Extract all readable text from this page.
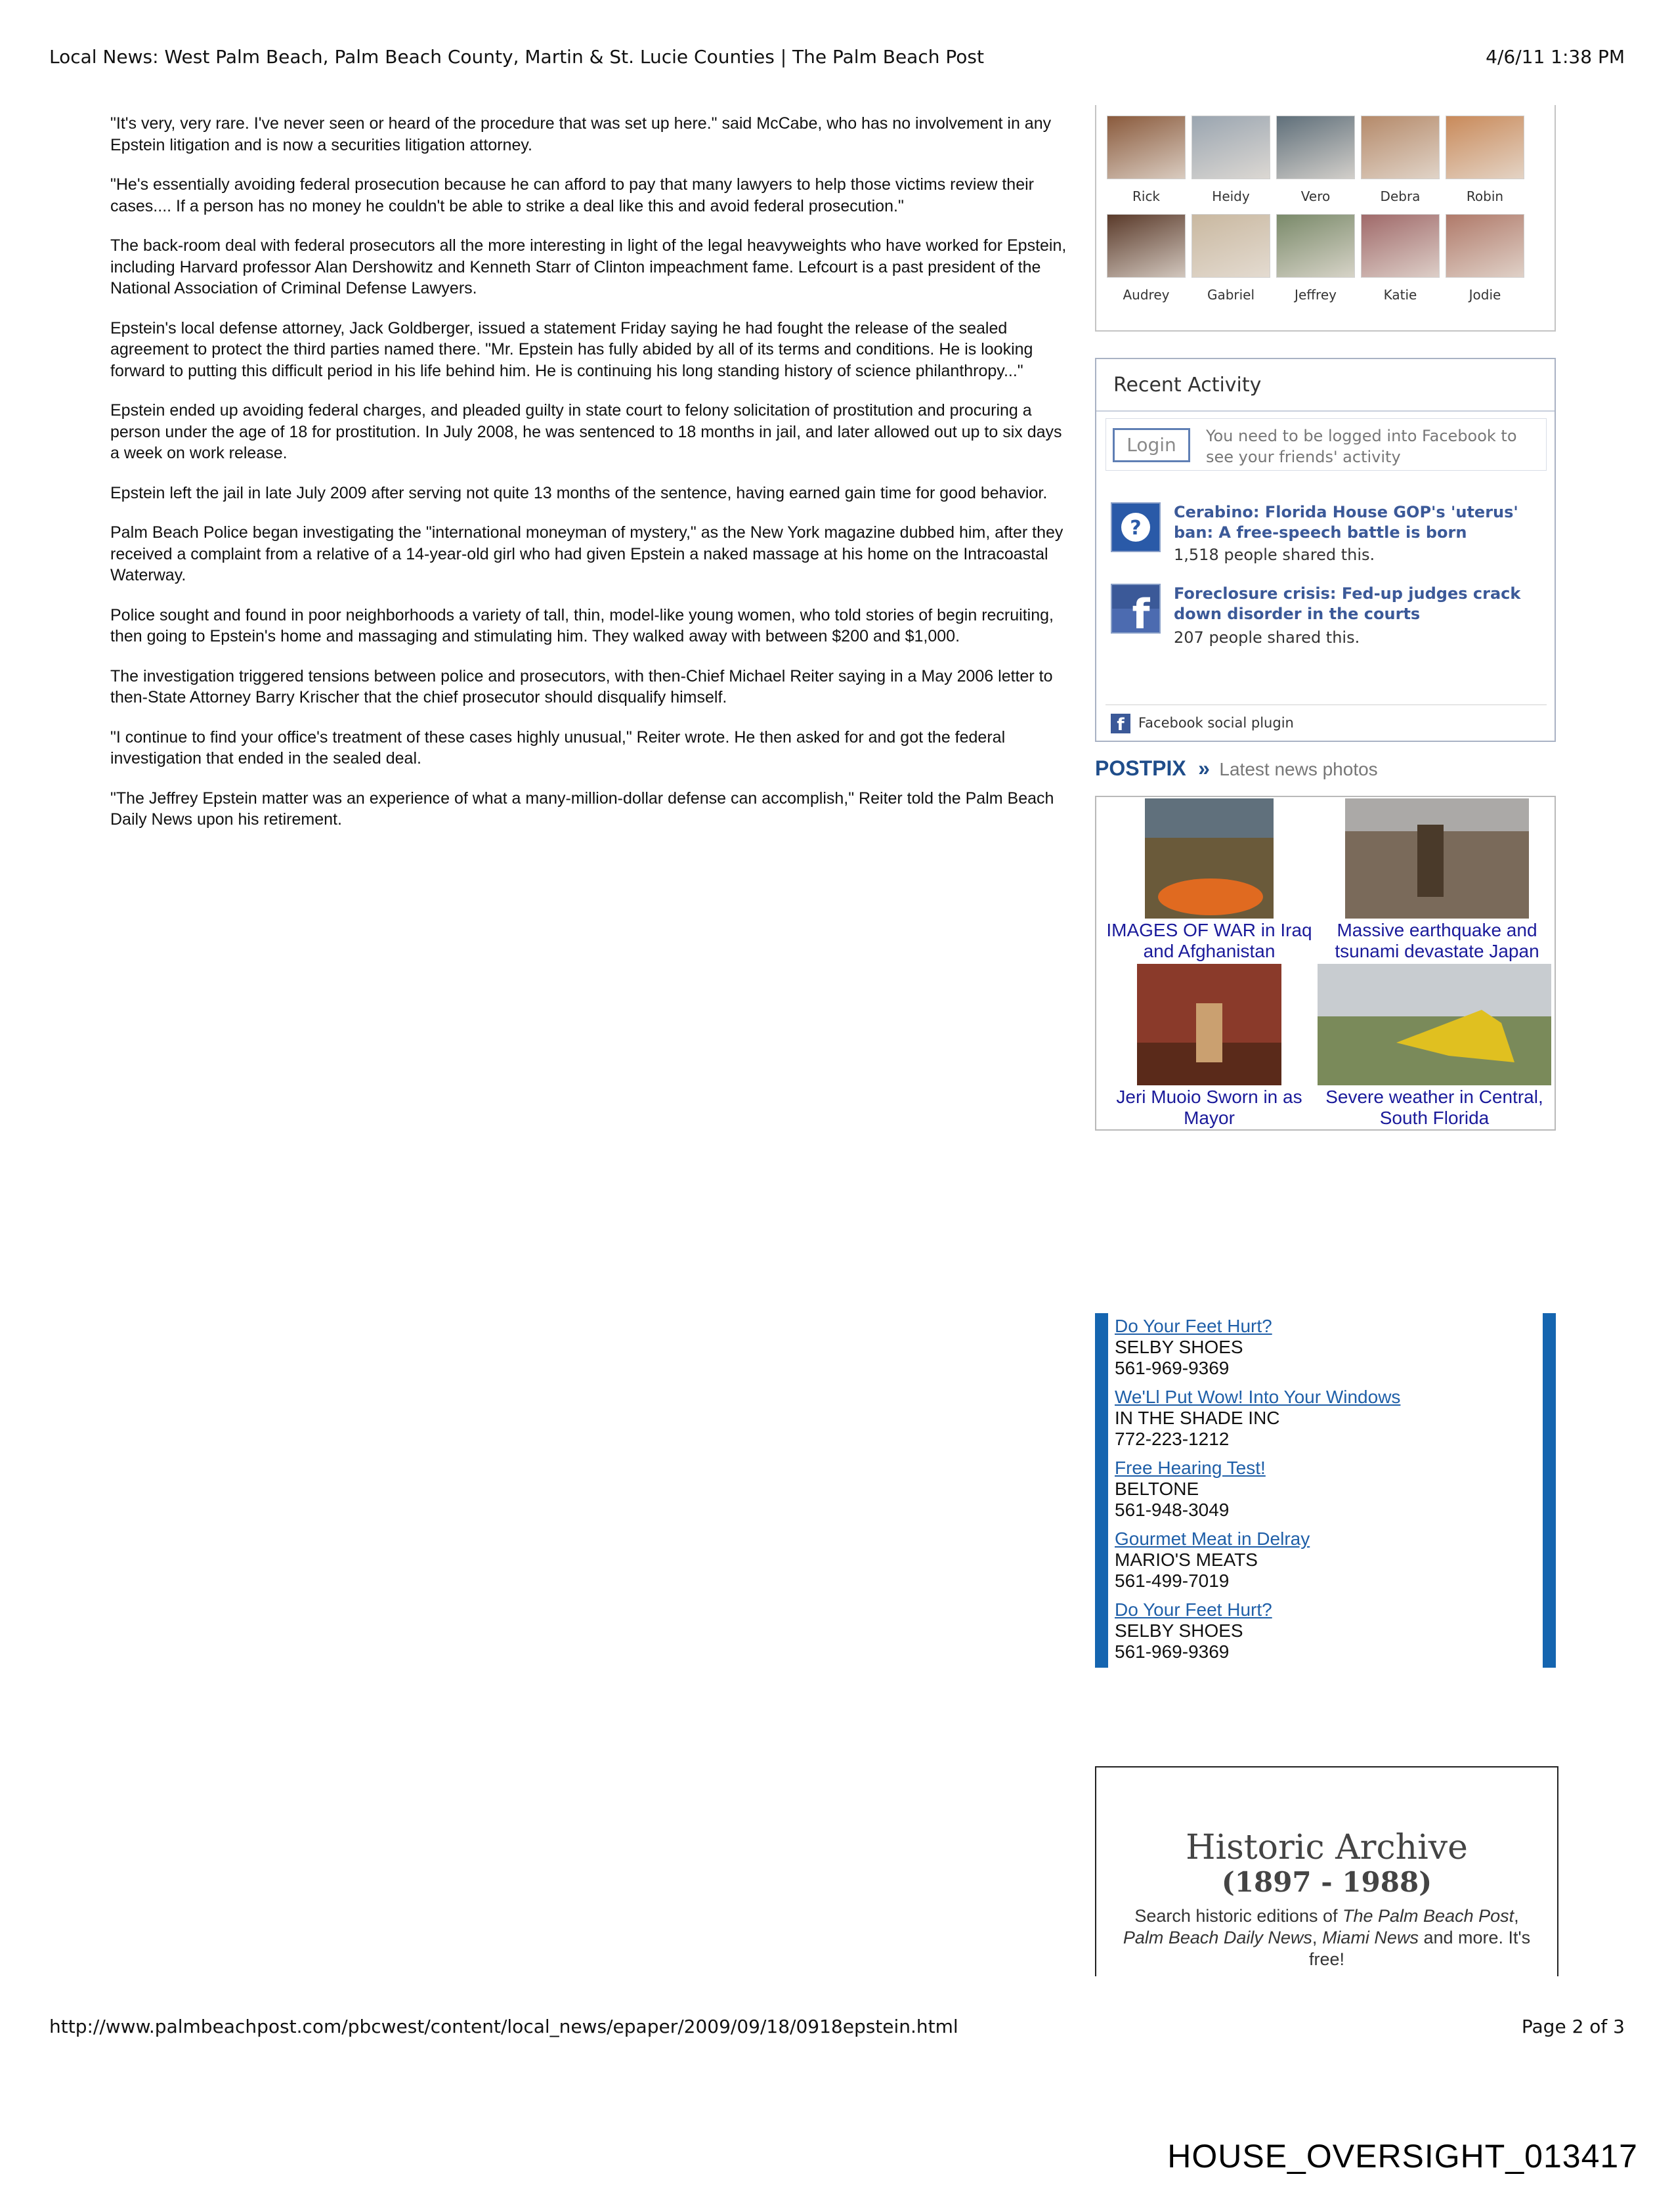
Local News: West Palm Beach, Palm Beach County, Martin & St. Lucie Counties | The Palm Beach Post	4/6/11 1:38 PM

"It's very, very rare. I've never seen or heard of the procedure that was set up here." said McCabe, who has no involvement in any Epstein litigation and is now a securities litigation attorney.

"He's essentially avoiding federal prosecution because he can afford to pay that many lawyers to help those victims review their cases.... If a person has no money he couldn't be able to strike a deal like this and avoid federal prosecution."

The back-room deal with federal prosecutors all the more interesting in light of the legal heavyweights who have worked for Epstein, including Harvard professor Alan Dershowitz and Kenneth Starr of Clinton impeachment fame. Lefcourt is a past president of the National Association of Criminal Defense Lawyers.

Epstein's local defense attorney, Jack Goldberger, issued a statement Friday saying he had fought the release of the sealed agreement to protect the third parties named there. "Mr. Epstein has fully abided by all of its terms and conditions. He is looking forward to putting this difficult period in his life behind him. He is continuing his long standing history of science philanthropy..."

Epstein ended up avoiding federal charges, and pleaded guilty in state court to felony solicitation of prostitution and procuring a person under the age of 18 for prostitution. In July 2008, he was sentenced to 18 months in jail, and later allowed out up to six days a week on work release.

Epstein left the jail in late July 2009 after serving not quite 13 months of the sentence, having earned gain time for good behavior.

Palm Beach Police began investigating the "international moneyman of mystery," as the New York magazine dubbed him, after they received a complaint from a relative of a 14-year-old girl who had given Epstein a naked massage at his home on the Intracoastal Waterway.

Police sought and found in poor neighborhoods a variety of tall, thin, model-like young women, who told stories of begin recruiting, then going to Epstein's home and massaging and stimulating him. They walked away with between $200 and $1,000.

The investigation triggered tensions between police and prosecutors, with then-Chief Michael Reiter saying in a May 2006 letter to then-State Attorney Barry Krischer that the chief prosecutor should disqualify himself.

"I continue to find your office's treatment of these cases highly unusual," Reiter wrote. He then asked for and got the federal investigation that ended in the sealed deal.

"The Jeffrey Epstein matter was an experience of what a many-million-dollar defense can accomplish," Reiter told the Palm Beach Daily News upon his retirement.

Rick	Heidy	Vero	Debra	Robin
Audrey	Gabriel	Jeffrey	Katie	Jodie
Recent Activity
Login	You need to be logged into Facebook to see your friends' activity
?
Cerabino: Florida House GOP's 'uterus' ban: A free-speech battle is born
1,518 people shared this.
f Foreclosure crisis: Fed-up judges crack down disorder in the courts
207 people shared this.
f Facebook social plugin
POSTPIX » Latest news photos
IMAGES OF WAR in Iraq and Afghanistan
Massive earthquake and tsunami devastate Japan
Jeri Muoio Sworn in as Mayor
Severe weather in Central, South Florida
Do Your Feet Hurt?
SELBY SHOES
561-969-9369
We'Ll Put Wow! Into Your Windows
IN THE SHADE INC
772-223-1212
Free Hearing Test!
BELTONE
561-948-3049
Gourmet Meat in Delray
MARIO'S MEATS
561-499-7019
Do Your Feet Hurt?
SELBY SHOES
561-969-9369
Historic Archive
(1897 - 1988)
Search historic editions of The Palm Beach Post, Palm Beach Daily News, Miami News and more. It's free!
http://www.palmbeachpost.com/pbcwest/content/local_news/epaper/2009/09/18/0918epstein.html	Page 2 of 3
HOUSE_OVERSIGHT_013417
